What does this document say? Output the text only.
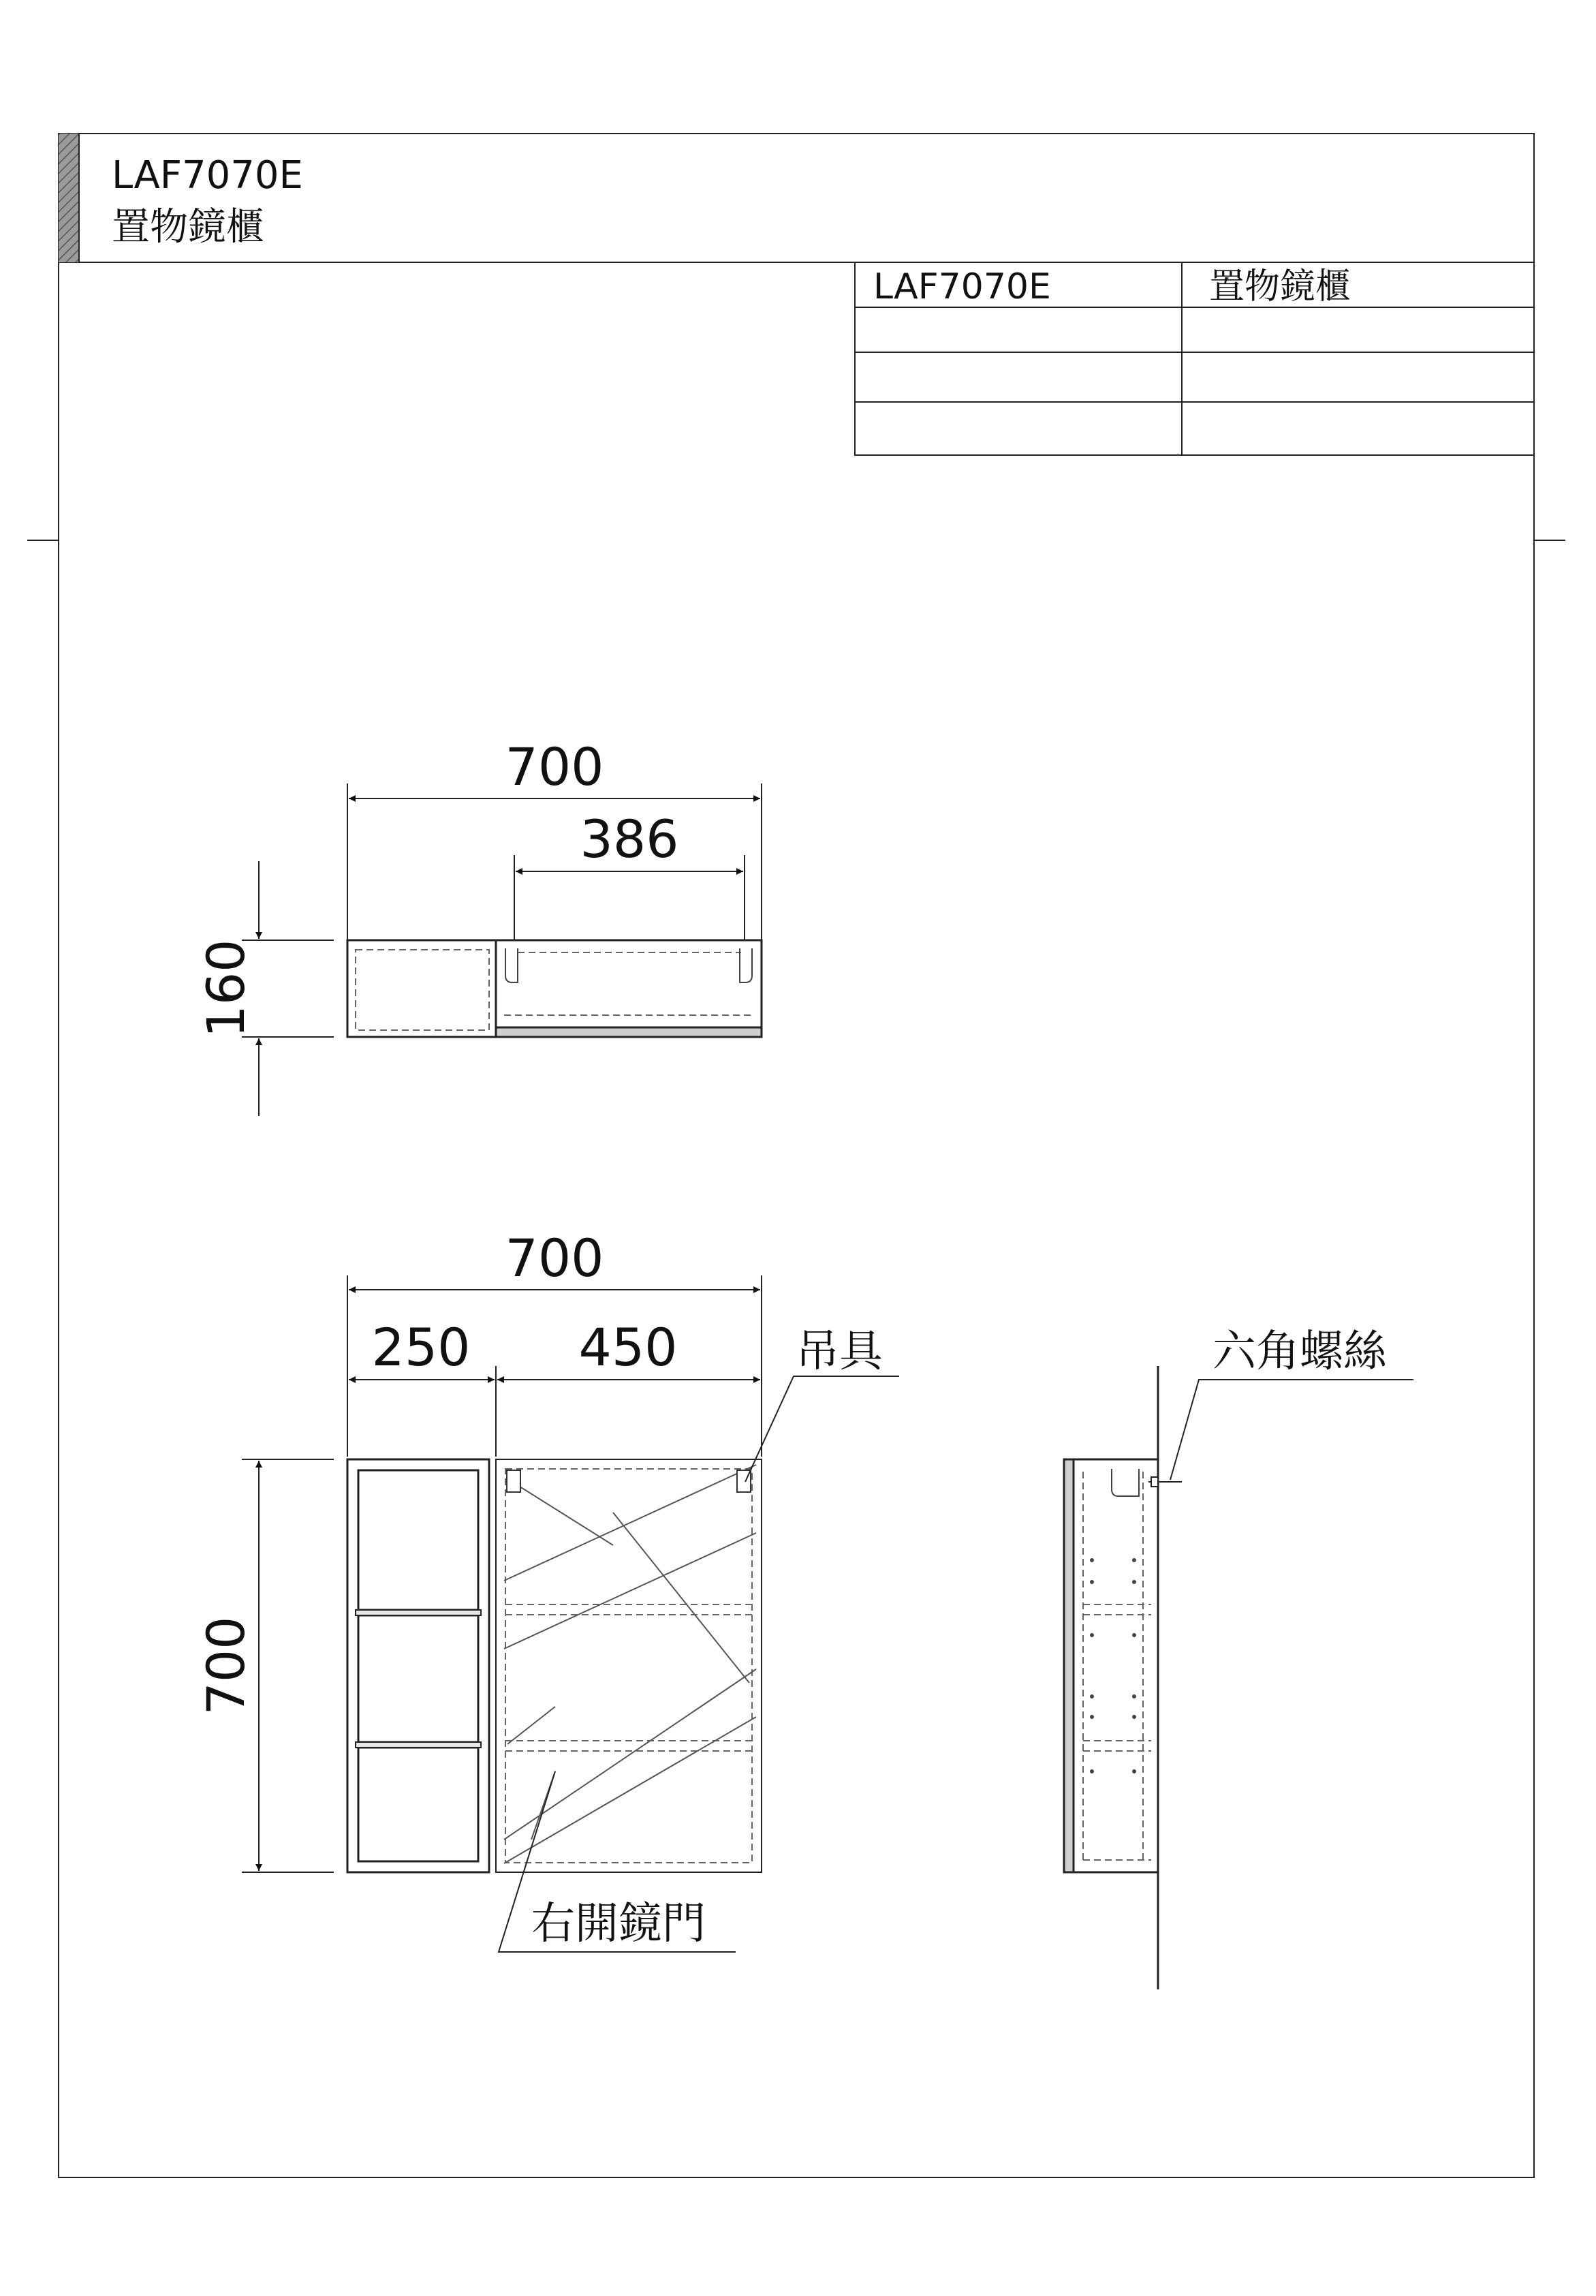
LAF7070E
置物鏡櫃
LAF7070E	置物鏡櫃
700
386
160
700
250 450
700
吊具
右開鏡門
六角螺絲
